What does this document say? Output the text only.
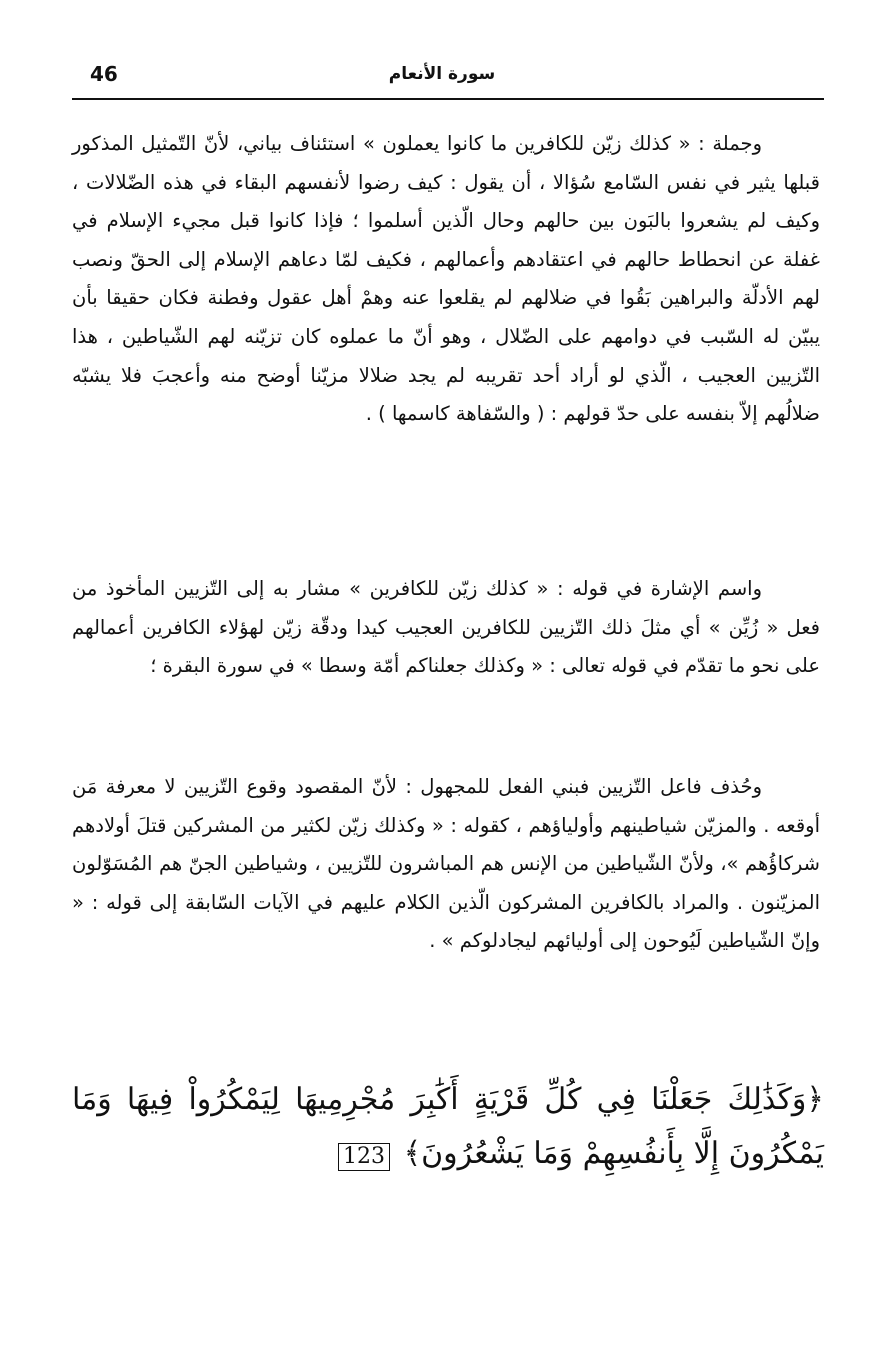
46	سورة الأنعام
وجملة : « كذلك زيّن للكافرين ما كانوا يعملون » استئناف بياني، لأنّ التّمثيل المذكور قبلها يثير في نفس السّامع سُؤالا ، أن يقول : كيف رضوا لأنفسهم البقاء في هذه الضّلالات ، وكيف لم يشعروا بالبَون بين حالهم وحال الّذين أسلموا ؛ فإذا كانوا قبل مجيء الإسلام في غفلة عن انحطاط حالهم في اعتقادهم وأعمالهم ، فكيف لمّا دعاهم الإسلام إلى الحقّ ونصب لهم الأدلّة والبراهين بَقُوا في ضلالهم لم يقلعوا عنه وهمْ أهل عقول وفطنة فكان حقيقا بأن يبيّن له السّبب في دوامهم على الضّلال ، وهو أنّ ما عملوه كان تزيّنه لهم الشّياطين ، هذا التّزيين العجيب ، الّذي لو أراد أحد تقريبه لم يجد ضلالا مزيّنا أوضح منه وأعجبَ فلا يشبّه ضلالُهم إلاّ بنفسه على حدّ قولهم : ( والسّفاهة كاسمها ) .
واسم الإشارة في قوله : « كذلك زيّن للكافرين » مشار به إلى التّزيين المأخوذ من فعل « زُيِّن » أي مثلَ ذلك التّزيين للكافرين العجيب كيدا ودقّة زيّن لهؤلاء الكافرين أعمالهم على نحو ما تقدّم في قوله تعالى : « وكذلك جعلناكم أمّة وسطا » في سورة البقرة ؛
وحُذف فاعل التّزيين فبني الفعل للمجهول : لأنّ المقصود وقوع التّزيين لا معرفة مَن أوقعه . والمزيّن شياطينهم وأولياؤهم ، كقوله : « وكذلك زيّن لكثير من المشركين قتلَ أولادهم شركاؤُهم »، ولأنّ الشّياطين من الإنس هم المباشرون للتّزيين ، وشياطين الجنّ هم المُسَوّلون المزيّنون . والمراد بالكافرين المشركون الّذين الكلام عليهم في الآيات السّابقة إلى قوله : « وإنّ الشّياطين لَيُوحون إلى أوليائهم ليجادلوكم » .
﴿وَكَذَٰلِكَ جَعَلْنَا فِي كُلِّ قَرْيَةٍ أَكَٰبِرَ مُجْرِمِيهَا لِيَمْكُرُواْ فِيهَا وَمَا يَمْكُرُونَ إِلَّا بِأَنفُسِهِمْ وَمَا يَشْعُرُونَ﴾ 123
